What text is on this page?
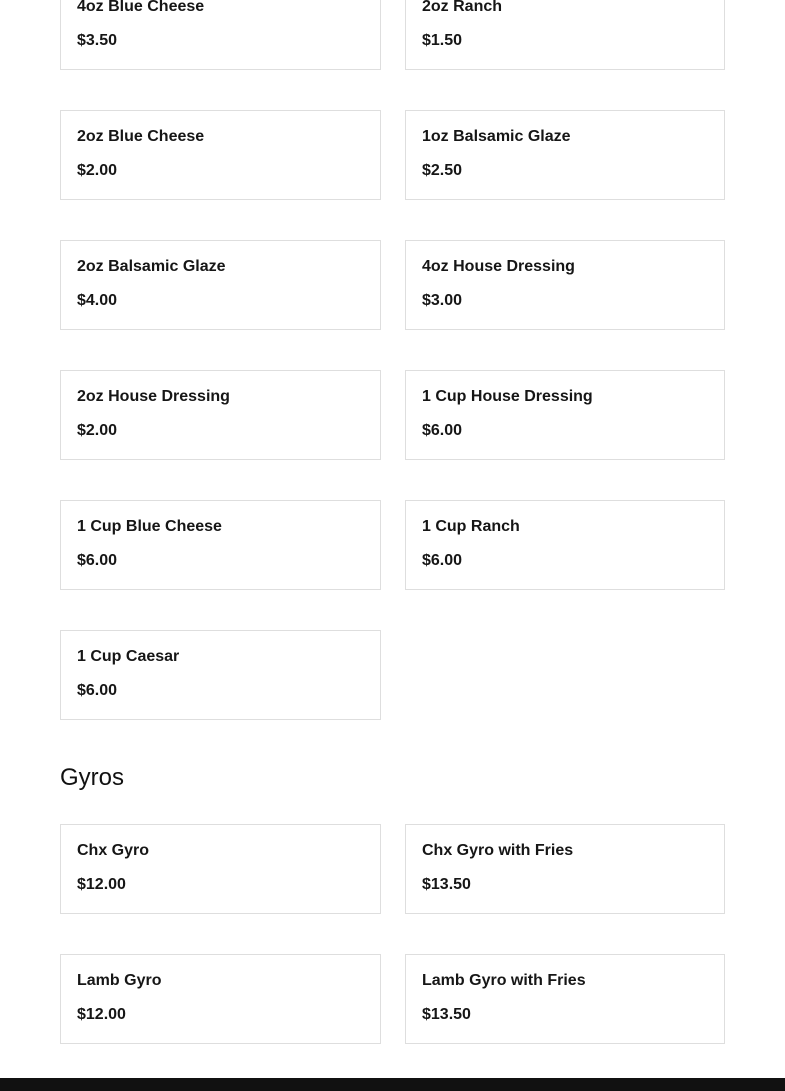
4oz Blue Cheese
$3.50
2oz Ranch
$1.50
2oz Blue Cheese
$2.00
1oz Balsamic Glaze
$2.50
2oz Balsamic Glaze
$4.00
4oz House Dressing
$3.00
2oz House Dressing
$2.00
1 Cup House Dressing
$6.00
1 Cup Blue Cheese
$6.00
1 Cup Ranch
$6.00
1 Cup Caesar
$6.00
Gyros
Chx Gyro
$12.00
Chx Gyro with Fries
$13.50
Lamb Gyro
$12.00
Lamb Gyro with Fries
$13.50
